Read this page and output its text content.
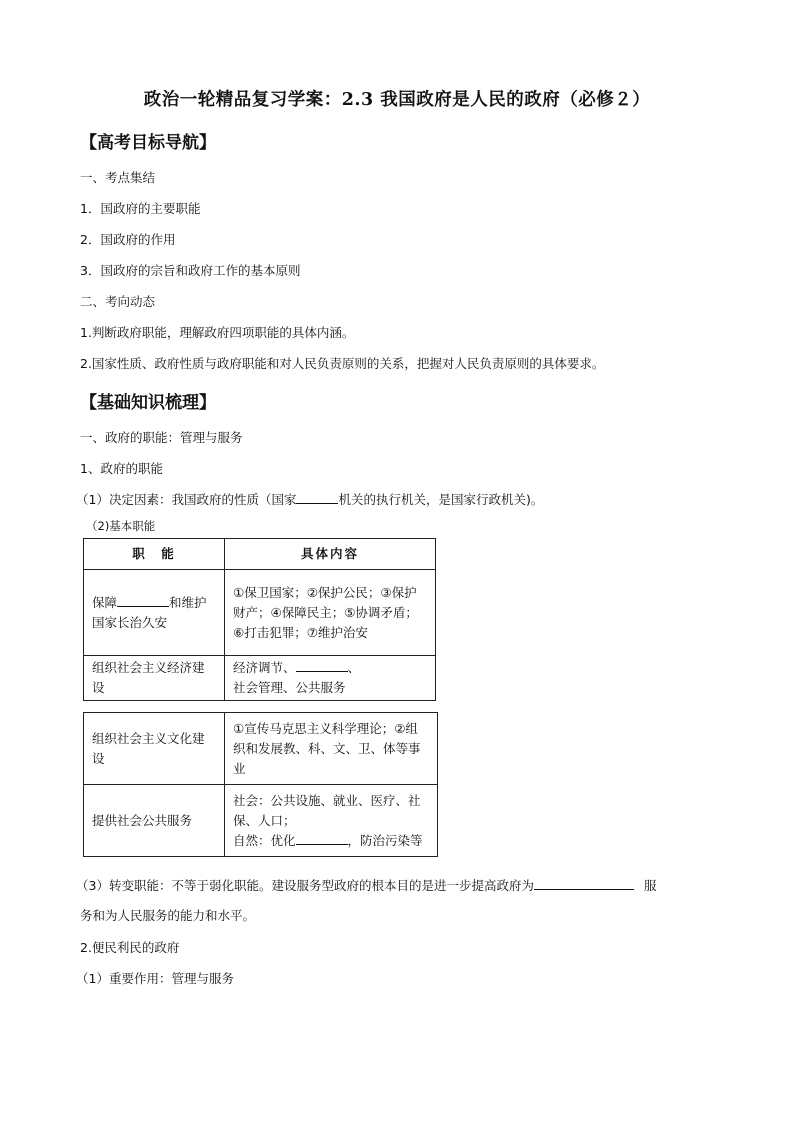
政治一轮精品复习学案：2.3 我国政府是人民的政府（必修２）
【高考目标导航】
一、考点集结
1．国政府的主要职能
2．国政府的作用
3．国政府的宗旨和政府工作的基本原则
二、考向动态
1.判断政府职能，理解政府四项职能的具体内涵。
2.国家性质、政府性质与政府职能和对人民负责原则的关系，把握对人民负责原则的具体要求。
【基础知识梳理】
一、政府的职能：管理与服务
1、政府的职能
（1）决定因素：我国政府的性质（国家	机关的执行机关，是国家行政机关)。
（2)基本职能
职　能	具体内容
保障 和维护国家长治久安	①保卫国家；②保护公民；③保护财产；④保障民主；⑤协调矛盾；⑥打击犯罪；⑦维护治安
组织社会主义经济建设	经济调节、 、
社会管理、公共服务
组织社会主义文化建设	①宣传马克思主义科学理论；②组织和发展教、科、文、卫、体等事业
提供社会公共服务	社会：公共设施、就业、医疗、社保、人口；
自然：优化 ，防治污染等
（3）转变职能：不等于弱化职能。建设服务型政府的根本目的是进一步提高政府为	服
务和为人民服务的能力和水平。
2.便民利民的政府
（1）重要作用：管理与服务
